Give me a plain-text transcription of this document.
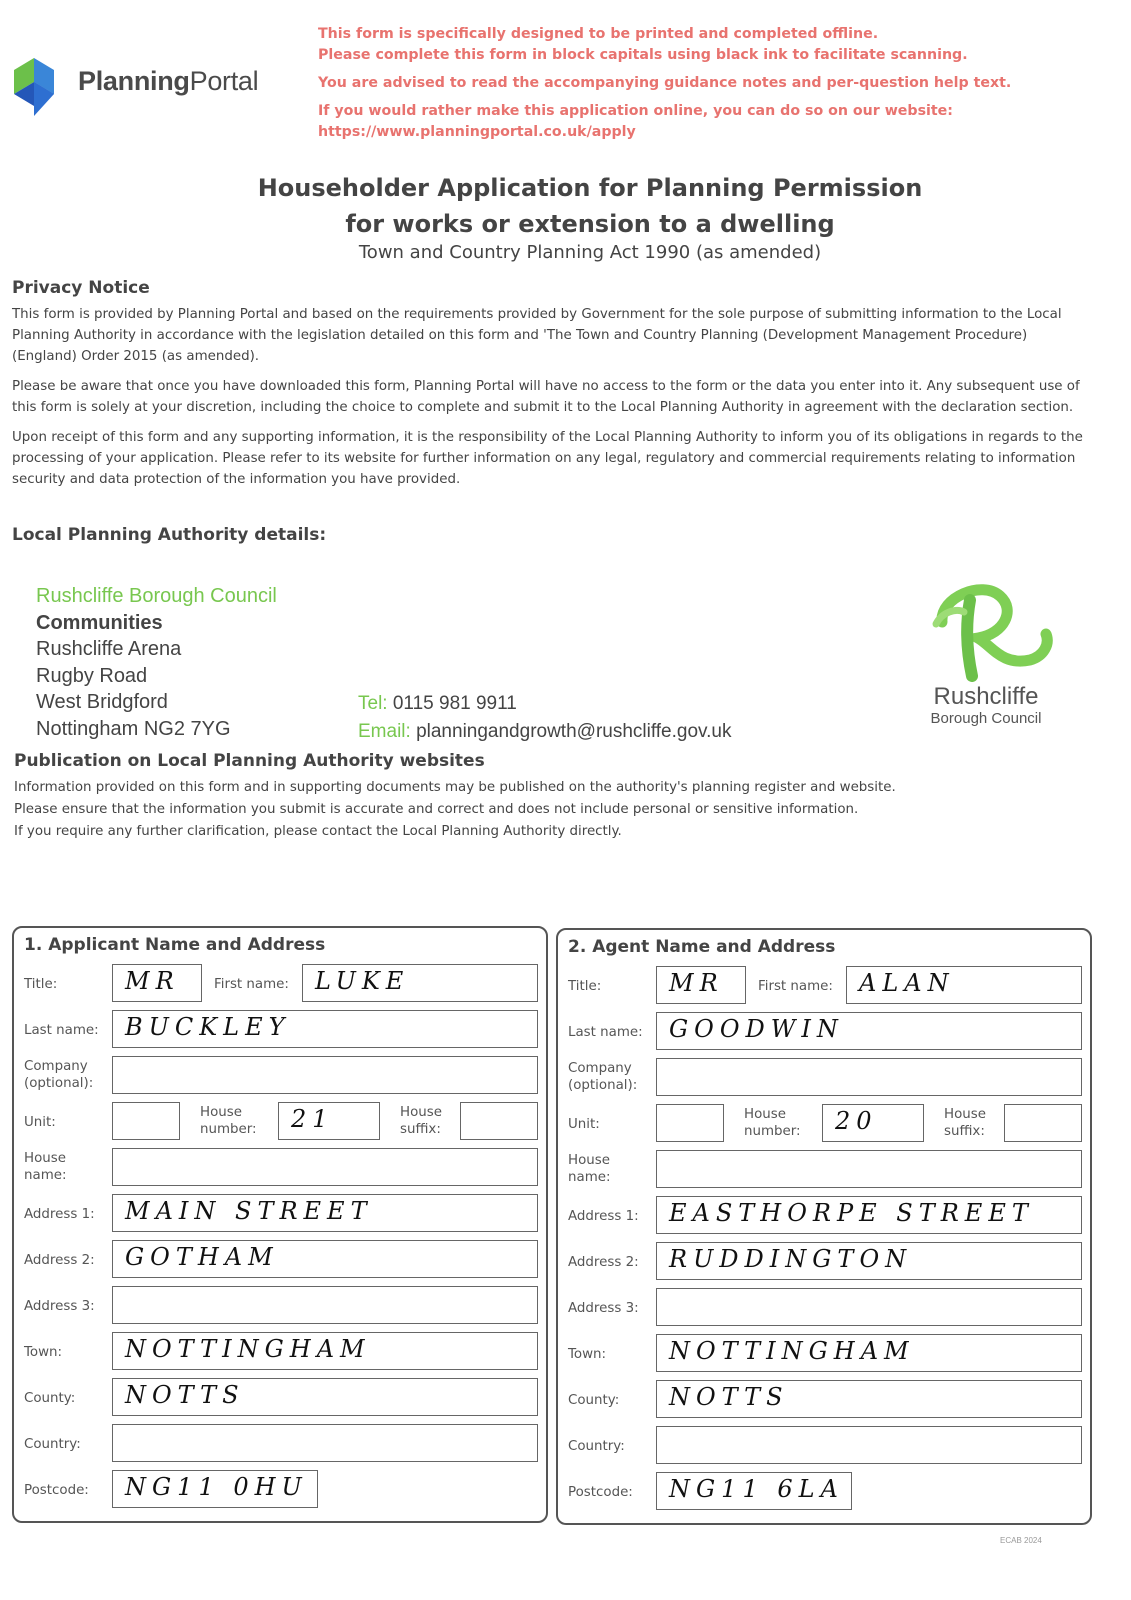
PlanningPortal

This form is specifically designed to be printed and completed offline.
Please complete this form in block capitals using black ink to facilitate scanning.

You are advised to read the accompanying guidance notes and per-question help text.

If you would rather make this application online, you can do so on our website:
https://www.planningportal.co.uk/apply

Householder Application for Planning Permission
for works or extension to a dwelling
Town and Country Planning Act 1990 (as amended)
Privacy Notice

This form is provided by Planning Portal and based on the requirements provided by Government for the sole purpose of submitting information to the Local Planning Authority in accordance with the legislation detailed on this form and 'The Town and Country Planning (Development Management Procedure) (England) Order 2015 (as amended).

Please be aware that once you have downloaded this form, Planning Portal will have no access to the form or the data you enter into it. Any subsequent use of this form is solely at your discretion, including the choice to complete and submit it to the Local Planning Authority in agreement with the declaration section.

Upon receipt of this form and any supporting information, it is the responsibility of the Local Planning Authority to inform you of its obligations in regards to the processing of your application. Please refer to its website for further information on any legal, regulatory and commercial requirements relating to information security and data protection of the information you have provided.

Local Planning Authority details:
Rushcliffe Borough Council
Communities
Rushcliffe Arena
Rugby Road
West Bridgford
Nottingham NG2 7YG
Tel: 0115 981 9911
Email: planningandgrowth@rushcliffe.gov.uk
Rushcliffe
Borough Council
Publication on Local Planning Authority websites
Information provided on this form and in supporting documents may be published on the authority's planning register and website.
Please ensure that the information you submit is accurate and correct and does not include personal or sensitive information.
If you require any further clarification, please contact the Local Planning Authority directly.
1. Applicant Name and Address
Title:	MR	First name: LUKE
Last name: BUCKLEY
Company
(optional):
Unit:
House
number: 21	House
suffix:
House
name:
Address 1: MAIN STREET
Address 2: GOTHAM
Address 3:
Town:	NOTTINGHAM
County: NOTTS
Country:
Postcode: NG11 0HU
2. Agent Name and Address
Title:	MR	First name: ALAN
Last name: GOODWIN
Company
(optional):
Unit:
House
number: 20	House
suffix:
House
name:
Address 1: EASTHORPE STREET
Address 2: RUDDINGTON
Address 3:
Town:	NOTTINGHAM
County: NOTTS
Country:
Postcode: NG11 6LA
ECAB 2024
